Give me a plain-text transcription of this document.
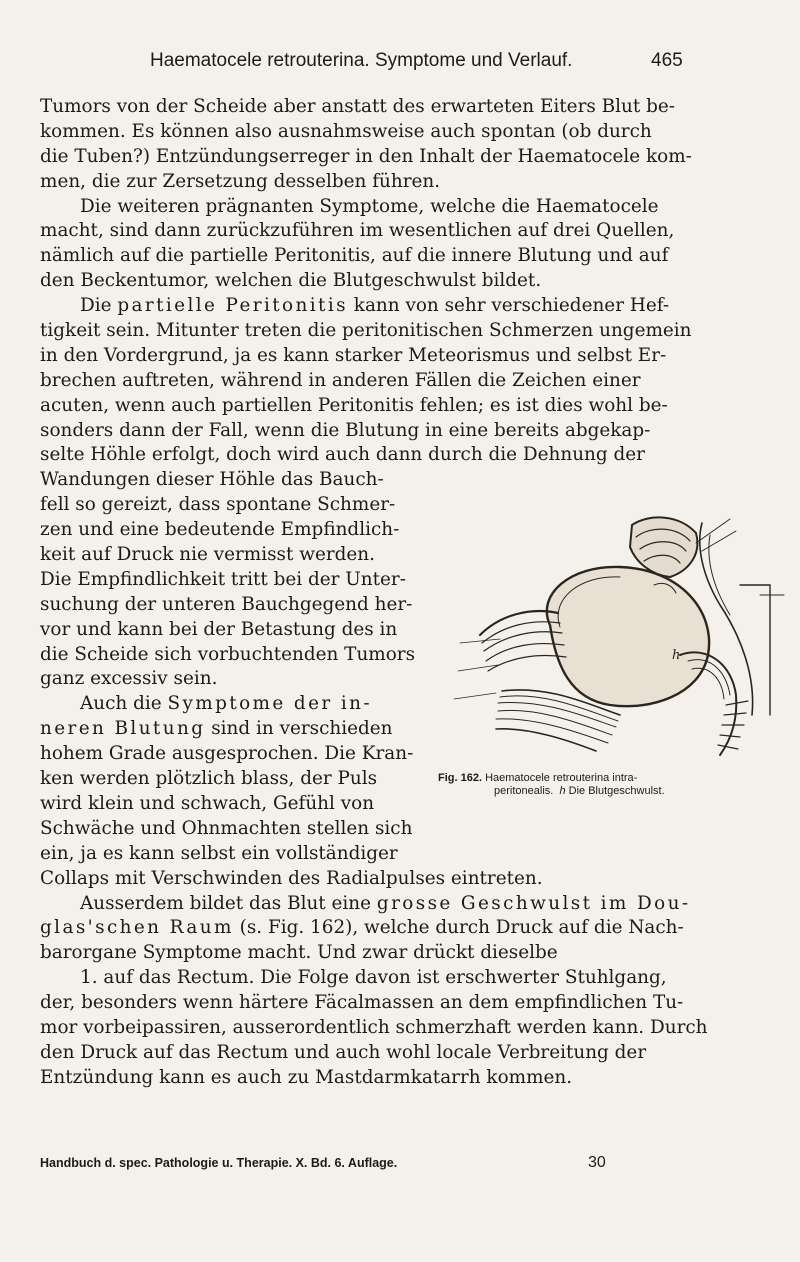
Haematocele retrouterina. Symptome und Verlauf.	465
Tumors von der Scheide aber anstatt des erwarteten Eiters Blut be-
kommen. Es können also ausnahmsweise auch spontan (ob durch
die Tuben?) Entzündungserreger in den Inhalt der Haematocele kom-
men, die zur Zersetzung desselben führen.
Die weiteren prägnanten Symptome, welche die Haematocele
macht, sind dann zurückzuführen im wesentlichen auf drei Quellen,
nämlich auf die partielle Peritonitis, auf die innere Blutung und auf
den Beckentumor, welchen die Blutgeschwulst bildet.
Die partielle Peritonitis kann von sehr verschiedener Hef-
tigkeit sein. Mitunter treten die peritonitischen Schmerzen ungemein
in den Vordergrund, ja es kann starker Meteorismus und selbst Er-
brechen auftreten, während in anderen Fällen die Zeichen einer
acuten, wenn auch partiellen Peritonitis fehlen; es ist dies wohl be-
sonders dann der Fall, wenn die Blutung in eine bereits abgekap-
selte Höhle erfolgt, doch wird auch dann durch die Dehnung der
Wandungen dieser Höhle das Bauch-
fell so gereizt, dass spontane Schmer-
zen und eine bedeutende Empfindlich-
keit auf Druck nie vermisst werden.
Die Empfindlichkeit tritt bei der Unter-
suchung der unteren Bauchgegend her-
vor und kann bei der Betastung des in
die Scheide sich vorbuchtenden Tumors
ganz excessiv sein.
Auch die Symptome der in-
neren Blutung sind in verschieden
hohem Grade ausgesprochen. Die Kran-
ken werden plötzlich blass, der Puls
wird klein und schwach, Gefühl von
Schwäche und Ohnmachten stellen sich
ein, ja es kann selbst ein vollständiger
Collaps mit Verschwinden des Radialpulses eintreten.
Ausserdem bildet das Blut eine grosse Geschwulst im Dou-
glas'schen Raum (s. Fig. 162), welche durch Druck auf die Nach-
barorgane Symptome macht. Und zwar drückt dieselbe
1. auf das Rectum. Die Folge davon ist erschwerter Stuhlgang,
der, besonders wenn härtere Fäcalmassen an dem empfindlichen Tu-
mor vorbeipassiren, ausserordentlich schmerzhaft werden kann. Durch
den Druck auf das Rectum und auch wohl locale Verbreitung der
Entzündung kann es auch zu Mastdarmkatarrh kommen.
h
Fig. 162. Haematocele retrouterina intra-
peritonealis. h Die Blutgeschwulst.
Handbuch d. spec. Pathologie u. Therapie. X. Bd. 6. Auflage.	30
